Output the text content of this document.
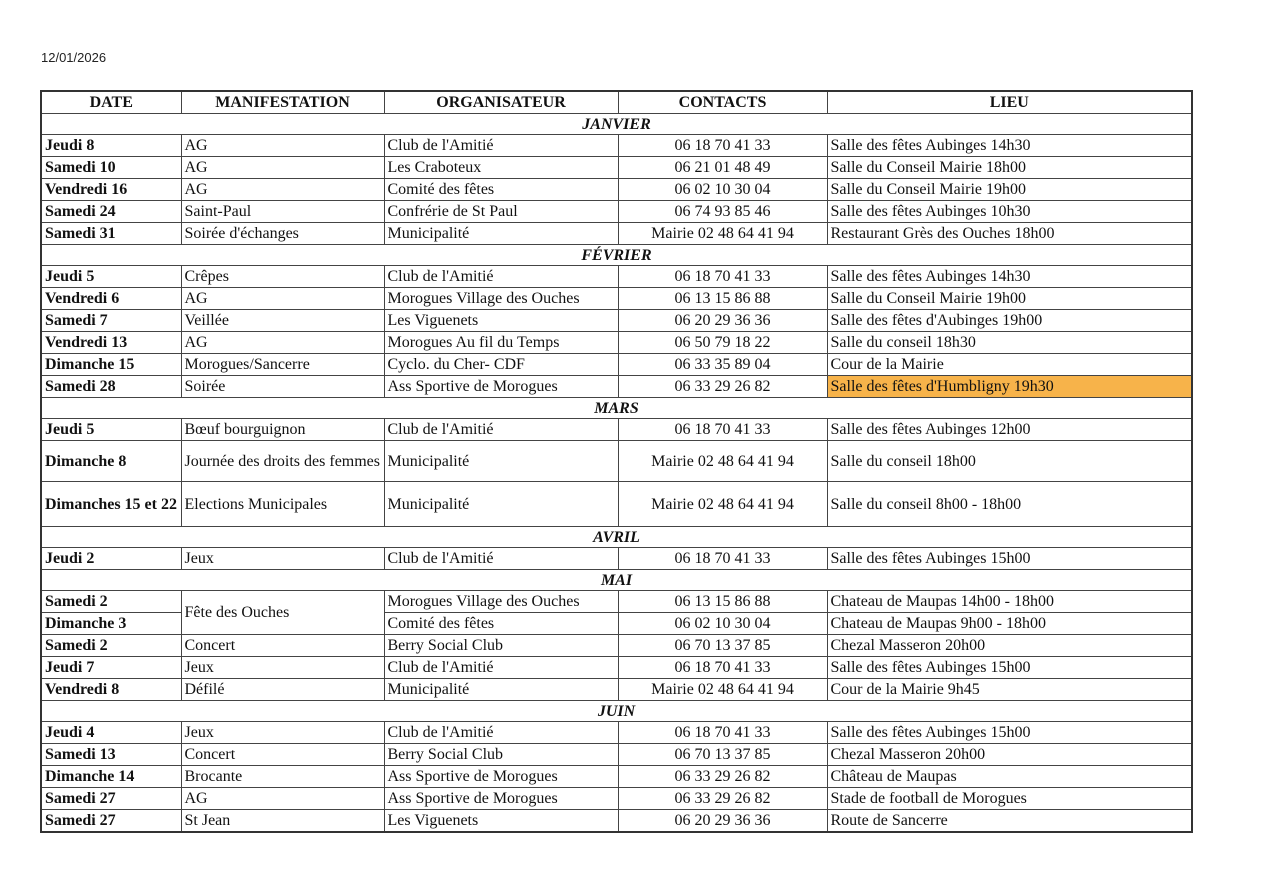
12/01/2026
DATE	MANIFESTATION	ORGANISATEUR	CONTACTS	LIEU
JANVIER				
Jeudi 8	AG	Club de l'Amitié	06 18 70 41 33	Salle des fêtes Aubinges 14h30
Samedi 10	AG	Les Craboteux	06 21 01 48 49	Salle du Conseil Mairie 18h00
Vendredi 16	AG	Comité des fêtes	06 02 10 30 04	Salle du Conseil Mairie 19h00
Samedi 24	Saint-Paul	Confrérie de St Paul	06 74 93 85 46	Salle des fêtes Aubinges 10h30
Samedi 31	Soirée d'échanges	Municipalité	Mairie 02 48 64 41 94	Restaurant Grès des Ouches 18h00
FÉVRIER				
Jeudi 5	Crêpes	Club de l'Amitié	06 18 70 41 33	Salle des fêtes Aubinges 14h30
Vendredi 6	AG	Morogues Village des Ouches	06 13 15 86 88	Salle du Conseil Mairie 19h00
Samedi 7	Veillée	Les Viguenets	06 20 29 36 36	Salle des fêtes d'Aubinges 19h00
Vendredi 13	AG	Morogues Au fil du Temps	06 50 79 18 22	Salle du conseil 18h30
Dimanche 15	Morogues/Sancerre	Cyclo. du Cher- CDF	06 33 35 89 04	Cour de la Mairie
Samedi 28	Soirée	Ass Sportive de Morogues	06 33 29 26 82	Salle des fêtes d'Humbligny 19h30
MARS				
Jeudi 5	Bœuf bourguignon	Club de l'Amitié	06 18 70 41 33	Salle des fêtes Aubinges 12h00
Dimanche 8	Journée des droits des femmes	Municipalité	Mairie 02 48 64 41 94	Salle du conseil 18h00
Dimanches 15 et 22	Elections Municipales	Municipalité	Mairie 02 48 64 41 94	Salle du conseil 8h00 - 18h00
AVRIL				
Jeudi 2	Jeux	Club de l'Amitié	06 18 70 41 33	Salle des fêtes Aubinges 15h00
MAI				
Samedi 2	Fête des Ouches	Morogues Village des Ouches	06 13 15 86 88	Chateau de Maupas 14h00 - 18h00
Dimanche 3		Comité des fêtes	06 02 10 30 04	Chateau de Maupas 9h00 - 18h00
Samedi 2	Concert	Berry Social Club	06 70 13 37 85	Chezal Masseron 20h00
Jeudi 7	Jeux	Club de l'Amitié	06 18 70 41 33	Salle des fêtes Aubinges 15h00
Vendredi 8	Défilé	Municipalité	Mairie 02 48 64 41 94	Cour de la Mairie 9h45
JUIN				
Jeudi 4	Jeux	Club de l'Amitié	06 18 70 41 33	Salle des fêtes Aubinges 15h00
Samedi 13	Concert	Berry Social Club	06 70 13 37 85	Chezal Masseron 20h00
Dimanche 14	Brocante	Ass Sportive de Morogues	06 33 29 26 82	Château de Maupas
Samedi 27	AG	Ass Sportive de Morogues	06 33 29 26 82	Stade de football de Morogues
Samedi 27	St Jean	Les Viguenets	06 20 29 36 36	Route de Sancerre
